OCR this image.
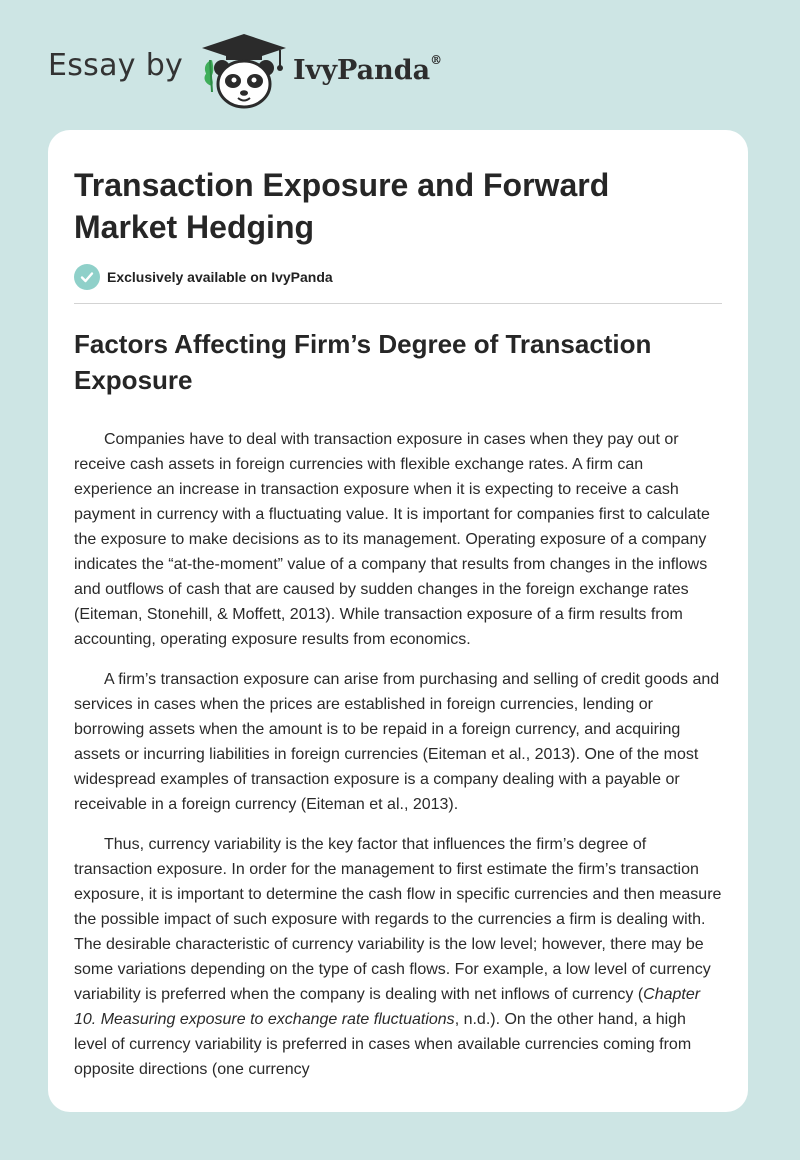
Essay by	IvyPanda®
Transaction Exposure and Forward Market Hedging
Exclusively available on IvyPanda
Factors Affecting Firm’s Degree of Transaction Exposure

Companies have to deal with transaction exposure in cases when they pay out or receive cash assets in foreign currencies with flexible exchange rates. A firm can experience an increase in transaction exposure when it is expecting to receive a cash payment in currency with a fluctuating value. It is important for companies first to calculate the exposure to make decisions as to its management. Operating exposure of a company indicates the “at-the-moment” value of a company that results from changes in the inflows and outflows of cash that are caused by sudden changes in the foreign exchange rates (Eiteman, Stonehill, & Moffett, 2013). While transaction exposure of a firm results from accounting, operating exposure results from economics.

A firm’s transaction exposure can arise from purchasing and selling of credit goods and services in cases when the prices are established in foreign currencies, lending or borrowing assets when the amount is to be repaid in a foreign currency, and acquiring assets or incurring liabilities in foreign currencies (Eiteman et al., 2013). One of the most widespread examples of transaction exposure is a company dealing with a payable or receivable in a foreign currency (Eiteman et al., 2013).

Thus, currency variability is the key factor that influences the firm’s degree of transaction exposure. In order for the management to first estimate the firm’s transaction exposure, it is important to determine the cash flow in specific currencies and then measure the possible impact of such exposure with regards to the currencies a firm is dealing with. The desirable characteristic of currency variability is the low level; however, there may be some variations depending on the type of cash flows. For example, a low level of currency variability is preferred when the company is dealing with net inflows of currency (Chapter 10. Measuring exposure to exchange rate fluctuations, n.d.). On the other hand, a high level of currency variability is preferred in cases when available currencies coming from opposite directions (one currency
